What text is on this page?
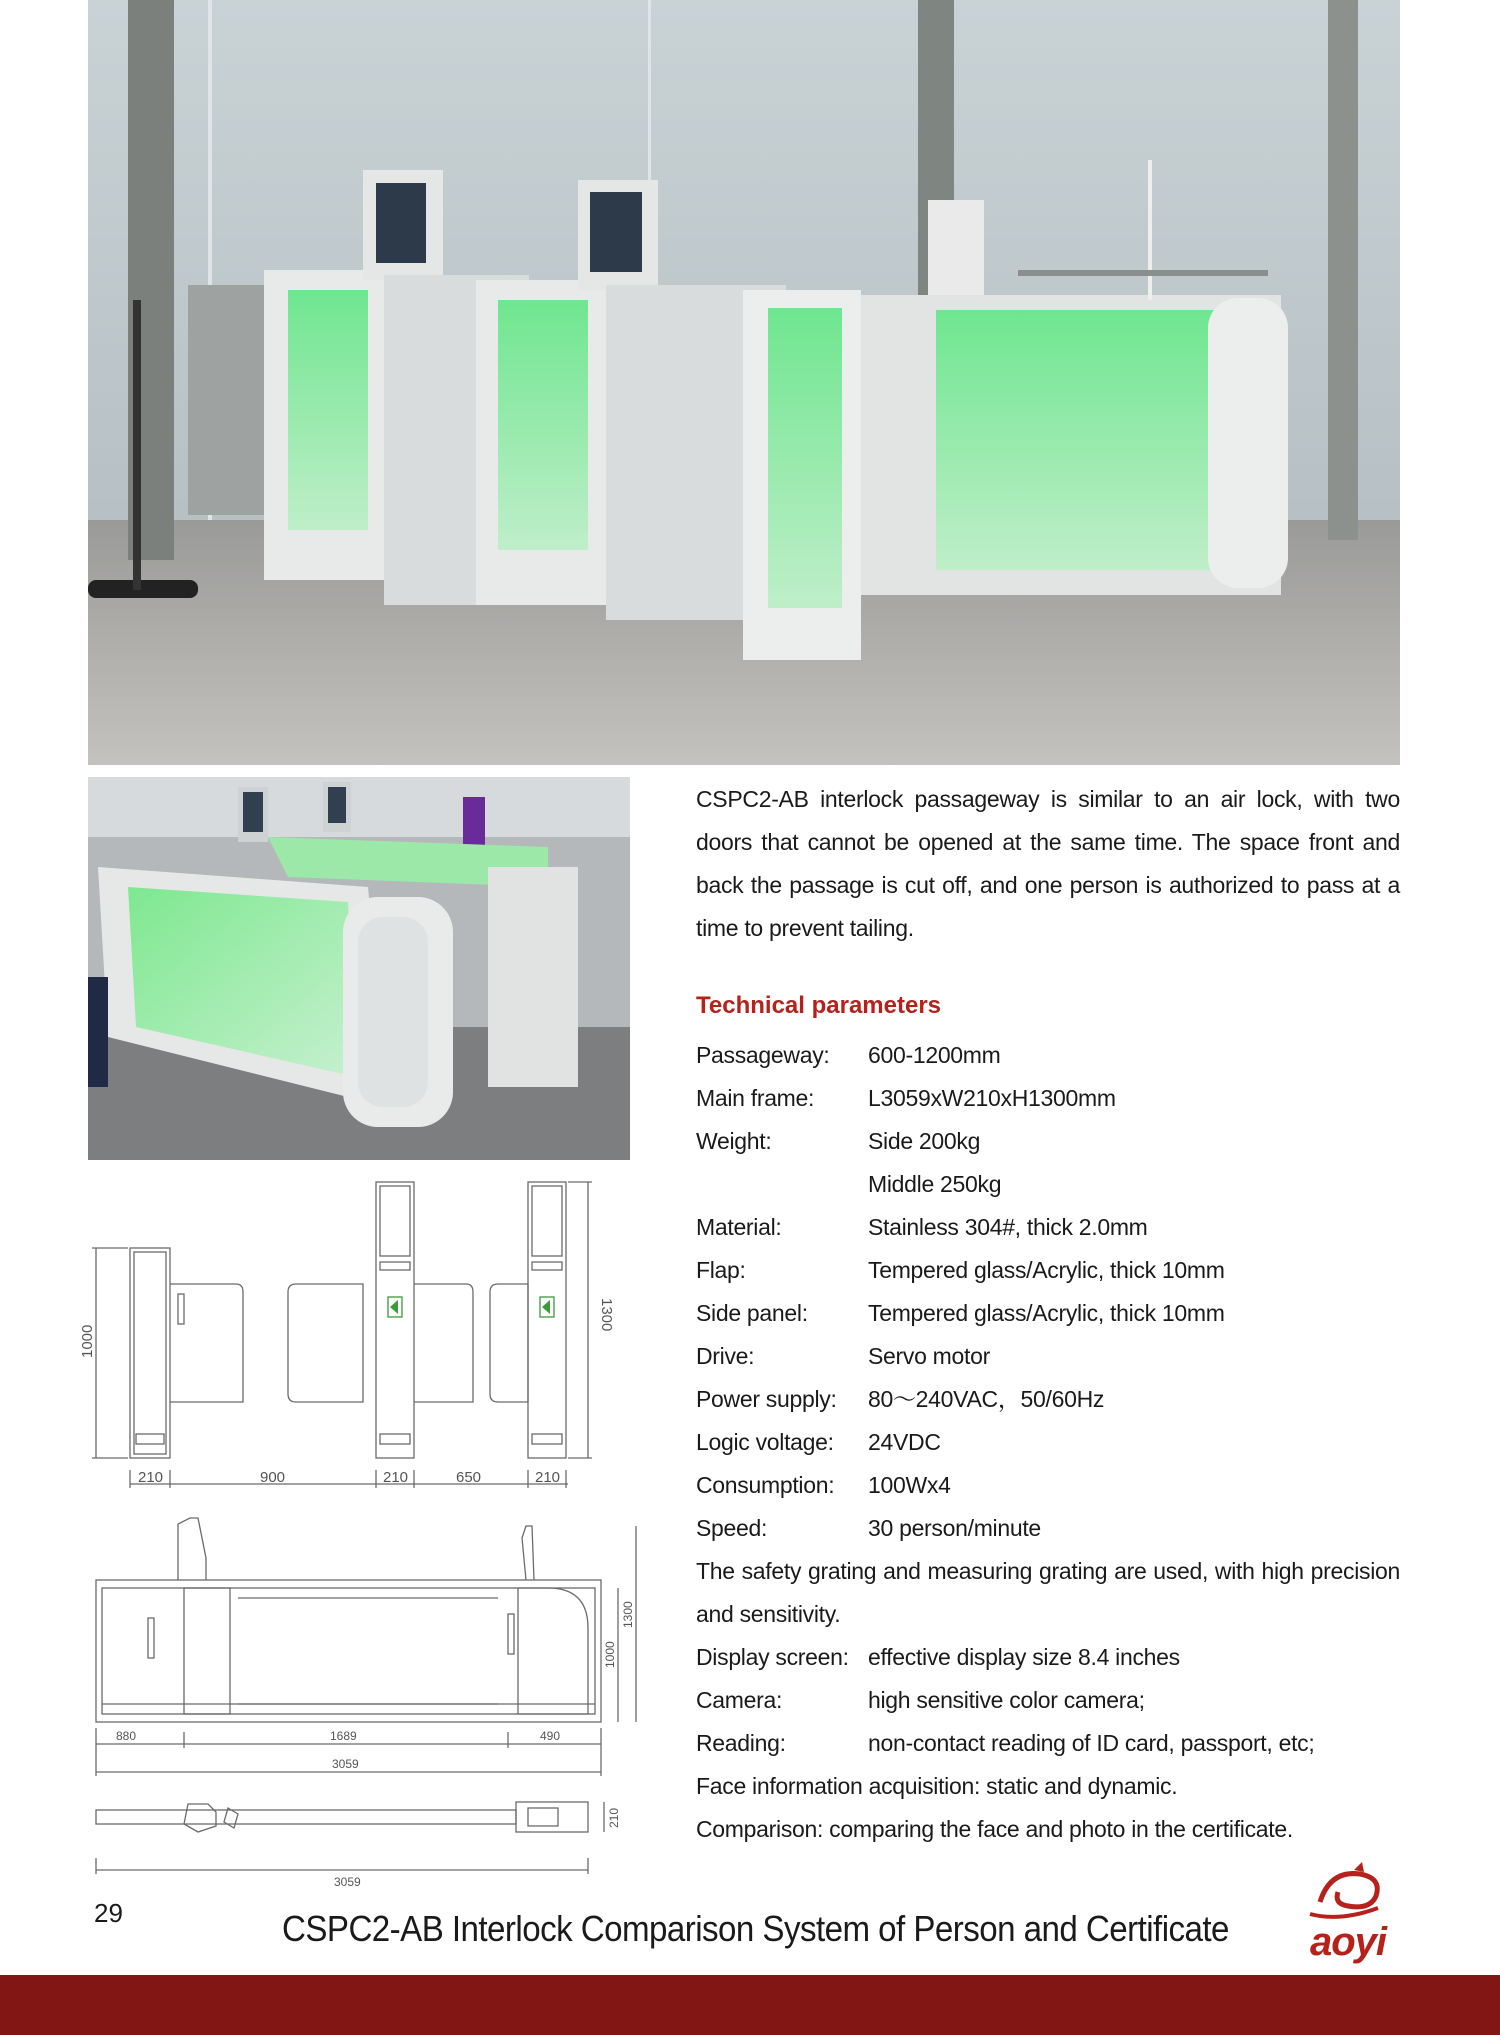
1000
1300
210	900	210	650	210
880	1689	490
3059
1000
1300
3059
210
CSPC2-AB interlock passageway is similar to an air lock, with two doors that cannot be opened at the same time. The space front and back the passage is cut off, and one person is authorized to pass at a time to prevent tailing.
Technical parameters
Passageway: 600-1200mm
Main frame: L3059xW210xH1300mm
Weight:	Side 200kg
Middle 250kg
Material:	Stainless 304#, thick 2.0mm
Flap:	Tempered glass/Acrylic, thick 10mm
Side panel:	Tempered glass/Acrylic, thick 10mm
Drive:	Servo motor
Power supply: 80～240VAC，50/60Hz
Logic voltage: 24VDC
Consumption: 100Wx4
Speed:	30 person/minute
The safety grating and measuring grating are used, with high precision and sensitivity.
Display screen: effective display size 8.4 inches
Camera:	high sensitive color camera;
Reading:	non-contact reading of ID card, passport, etc;
Face information acquisition: static and dynamic.
Comparison: comparing the face and photo in the certificate.
29	CSPC2-AB Interlock Comparison System of Person and Certificate aoyi
